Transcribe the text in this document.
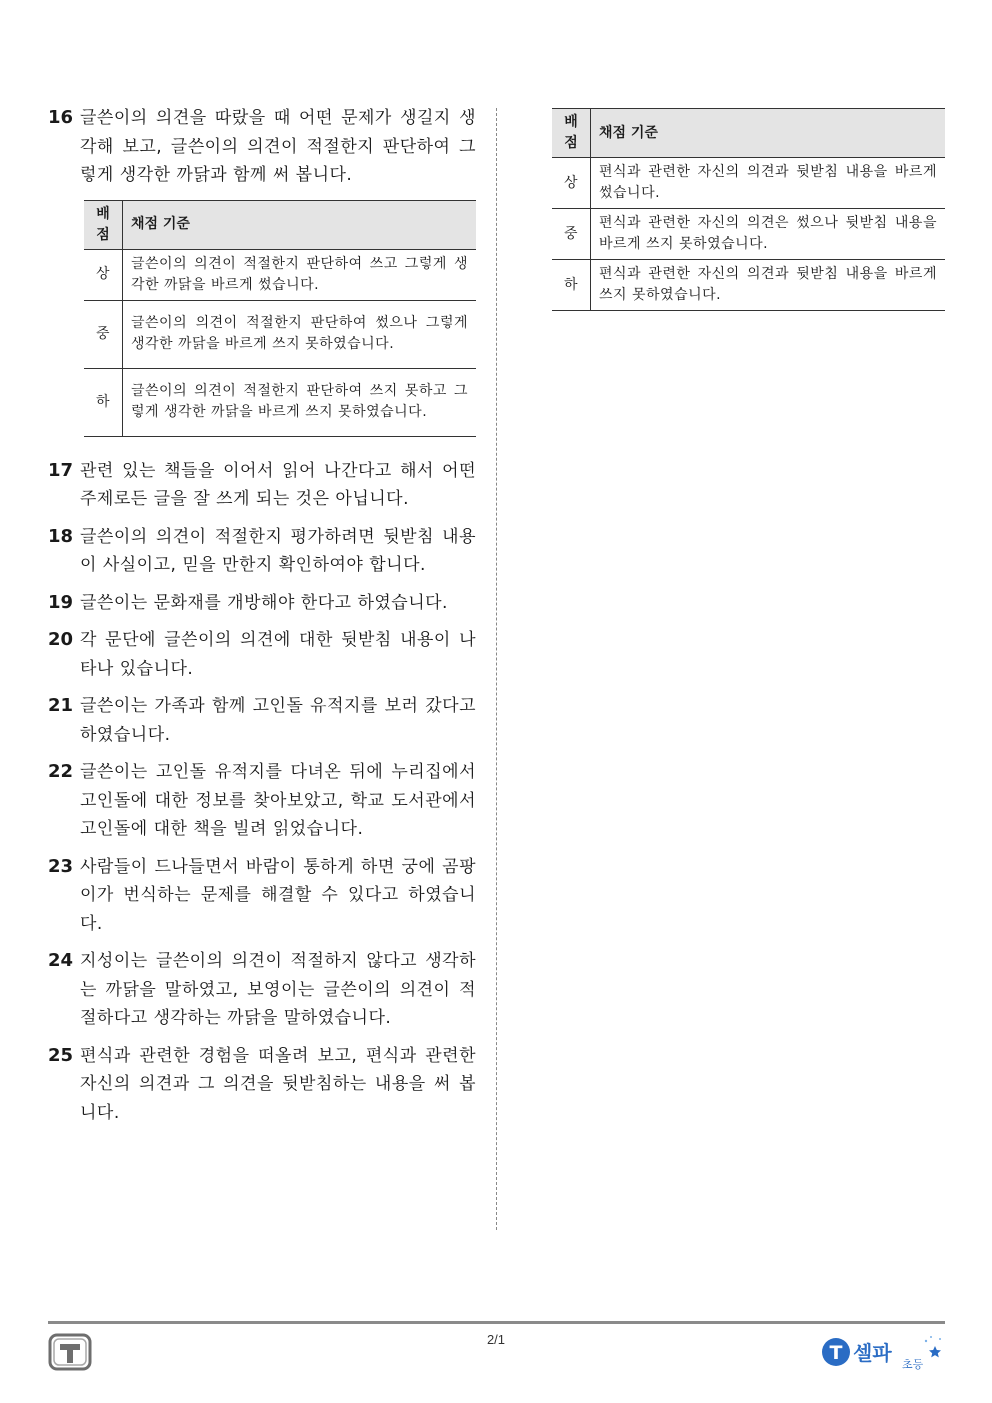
16 글쓴이의 의견을 따랐을 때 어떤 문제가 생길지 생각해 보고, 글쓴이의 의견이 적절한지 판단하여 그렇게 생각한 까닭과 함께 써 봅니다.
배점	채점 기준
상	글쓴이의 의견이 적절한지 판단하여 쓰고 그렇게 생각한 까닭을 바르게 썼습니다.
중	글쓴이의 의견이 적절한지 판단하여 썼으나 그렇게 생각한 까닭을 바르게 쓰지 못하였습니다.
하	글쓴이의 의견이 적절한지 판단하여 쓰지 못하고 그렇게 생각한 까닭을 바르게 쓰지 못하였습니다.
17 관련 있는 책들을 이어서 읽어 나간다고 해서 어떤 주제로든 글을 잘 쓰게 되는 것은 아닙니다.
18 글쓴이의 의견이 적절한지 평가하려면 뒷받침 내용이 사실이고, 믿을 만한지 확인하여야 합니다.
19 글쓴이는 문화재를 개방해야 한다고 하였습니다.
20 각 문단에 글쓴이의 의견에 대한 뒷받침 내용이 나타나 있습니다.
21 글쓴이는 가족과 함께 고인돌 유적지를 보러 갔다고 하였습니다.
22 글쓴이는 고인돌 유적지를 다녀온 뒤에 누리집에서 고인돌에 대한 정보를 찾아보았고, 학교 도서관에서 고인돌에 대한 책을 빌려 읽었습니다.
23 사람들이 드나들면서 바람이 통하게 하면 궁에 곰팡이가 번식하는 문제를 해결할 수 있다고 하였습니다.
24 지성이는 글쓴이의 의견이 적절하지 않다고 생각하는 까닭을 말하였고, 보영이는 글쓴이의 의견이 적절하다고 생각하는 까닭을 말하였습니다.
25 편식과 관련한 경험을 떠올려 보고, 편식과 관련한 자신의 의견과 그 의견을 뒷받침하는 내용을 써 봅니다.
배점	채점 기준
상	편식과 관련한 자신의 의견과 뒷받침 내용을 바르게 썼습니다.
중	편식과 관련한 자신의 의견은 썼으나 뒷받침 내용을 바르게 쓰지 못하였습니다.
하	편식과 관련한 자신의 의견과 뒷받침 내용을 바르게 쓰지 못하였습니다.
2/1
T 셀파 초등
